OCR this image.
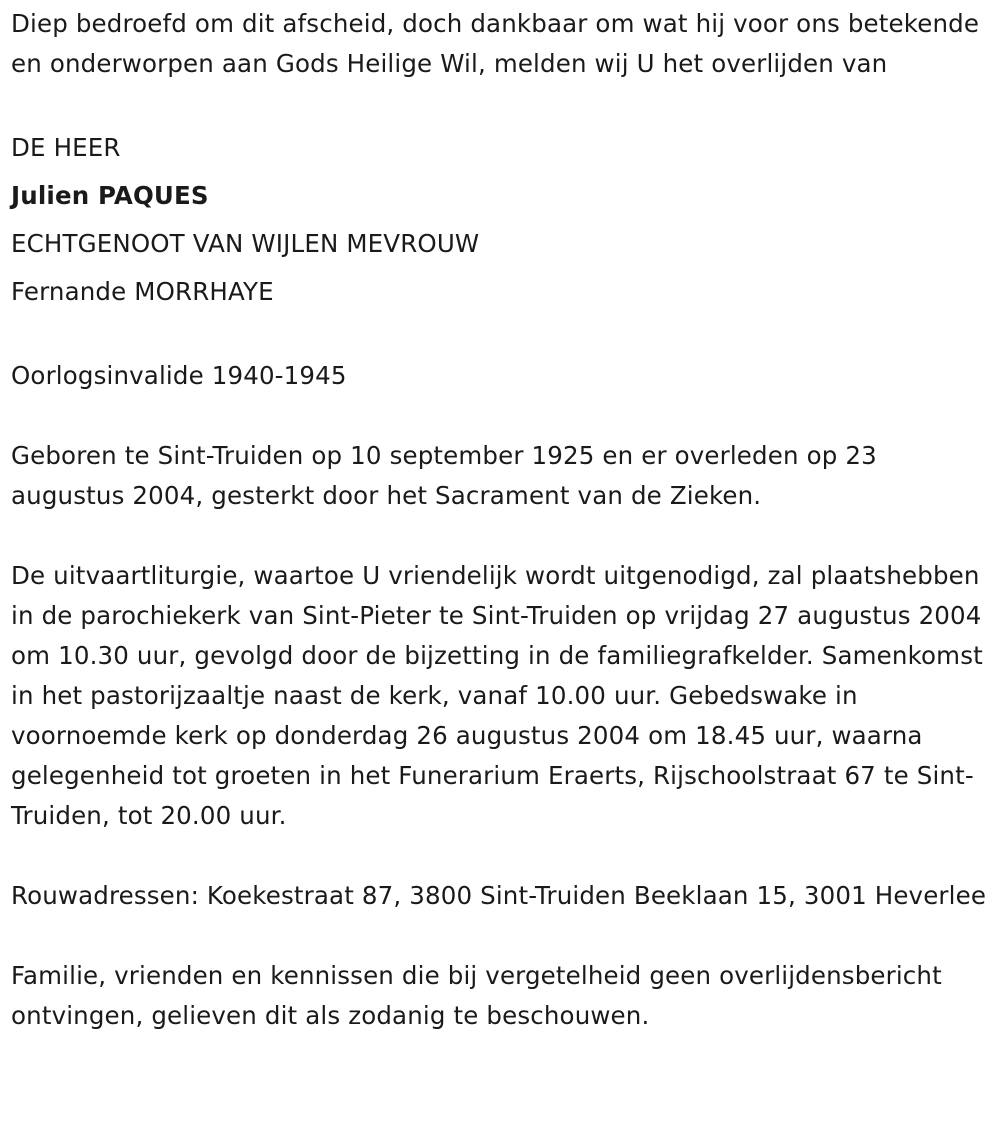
Diep bedroefd om dit afscheid, doch dankbaar om wat hij voor ons betekende en onderworpen aan Gods Heilige Wil, melden wij U het overlijden van

DE HEER

Julien PAQUES

ECHTGENOOT VAN WIJLEN MEVROUW

Fernande MORRHAYE

Oorlogsinvalide 1940-1945

Geboren te Sint-Truiden op 10 september 1925 en er overleden op 23 augustus 2004, gesterkt door het Sacrament van de Zieken.

De uitvaartliturgie, waartoe U vriendelijk wordt uitgenodigd, zal plaatshebben in de parochiekerk van Sint-Pieter te Sint-Truiden op vrijdag 27 augustus 2004 om 10.30 uur, gevolgd door de bijzetting in de familiegrafkelder. Samenkomst in het pastorijzaaltje naast de kerk, vanaf 10.00 uur. Gebedswake in voornoemde kerk op donderdag 26 augustus 2004 om 18.45 uur, waarna gelegenheid tot groeten in het Funerarium Eraerts, Rijschoolstraat 67 te Sint-Truiden, tot 20.00 uur.

Rouwadressen: Koekestraat 87, 3800 Sint-Truiden Beeklaan 15, 3001 Heverlee

Familie, vrienden en kennissen die bij vergetelheid geen overlijdensbericht ontvingen, gelieven dit als zodanig te beschouwen.
